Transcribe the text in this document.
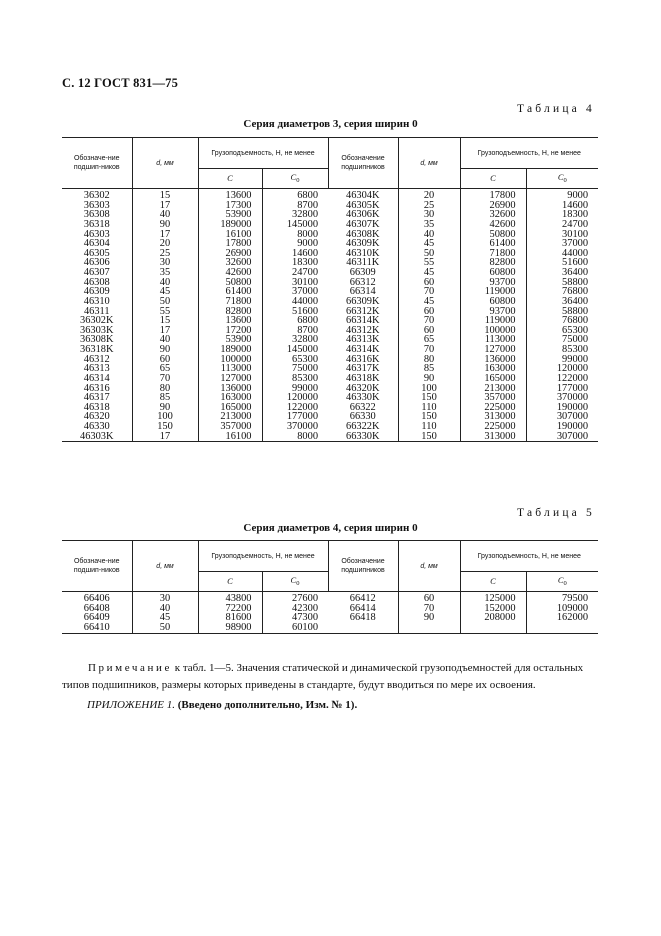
С. 12 ГОСТ 831—75
Таблица 4
Серия диаметров 3, серия ширин 0
Обозначе-ние подшип-ников	d, мм	Грузоподъемность, Н, не менее		Обозначение подшипников	d, мм	Грузоподъемность, Н, не менее	
		C	$C_0$			C	$C_0$
36302	15	13600	6800	46304K	20	17800	9000
36303	17	17300	8700	46305K	25	26900	14600
36308	40	53900	32800	46306K	30	32600	18300
36318	90	189000	145000	46307K	35	42600	24700
46303	17	16100	8000	46308K	40	50800	30100
46304	20	17800	9000	46309K	45	61400	37000
46305	25	26900	14600	46310K	50	71800	44000
46306	30	32600	18300	46311K	55	82800	51600
46307	35	42600	24700	66309	45	60800	36400
46308	40	50800	30100	66312	60	93700	58800
46309	45	61400	37000	66314	70	119000	76800
46310	50	71800	44000	66309K	45	60800	36400
46311	55	82800	51600	66312K	60	93700	58800
36302K	15	13600	6800	66314K	70	119000	76800
36303K	17	17200	8700	46312K	60	100000	65300
36308K	40	53900	32800	46313K	65	113000	75000
36318K	90	189000	145000	46314K	70	127000	85300
46312	60	100000	65300	46316K	80	136000	99000
46313	65	113000	75000	46317K	85	163000	120000
46314	70	127000	85300	46318K	90	165000	122000
46316	80	136000	99000	46320K	100	213000	177000
46317	85	163000	120000	46330K	150	357000	370000
46318	90	165000	122000	66322	110	225000	190000
46320	100	213000	177000	66330	150	313000	307000
46330	150	357000	370000	66322K	110	225000	190000
46303K	17	16100	8000	66330K	150	313000	307000
Таблица 5
Серия диаметров 4, серия ширин 0
Обозначе-ние подшип-ников	d, мм	Грузоподъемность, Н, не менее		Обозначение подшипников	d, мм	Грузоподъемность, Н, не менее	
		C	$C_0$			C	$C_0$
66406	30	43800	27600	66412	60	125000	79500
66408	40	72200	42300	66414	70	152000	109000
66409	45	81600	47300	66418	90	208000	162000
66410	50	98900	60100				
Примечание к табл. 1—5. Значения статической и динамической грузоподъемностей для остальных типов подшипников, размеры которых приведены в стандарте, будут вводиться по мере их освоения.
ПРИЛОЖЕНИЕ 1. (Введено дополнительно, Изм. № 1).
